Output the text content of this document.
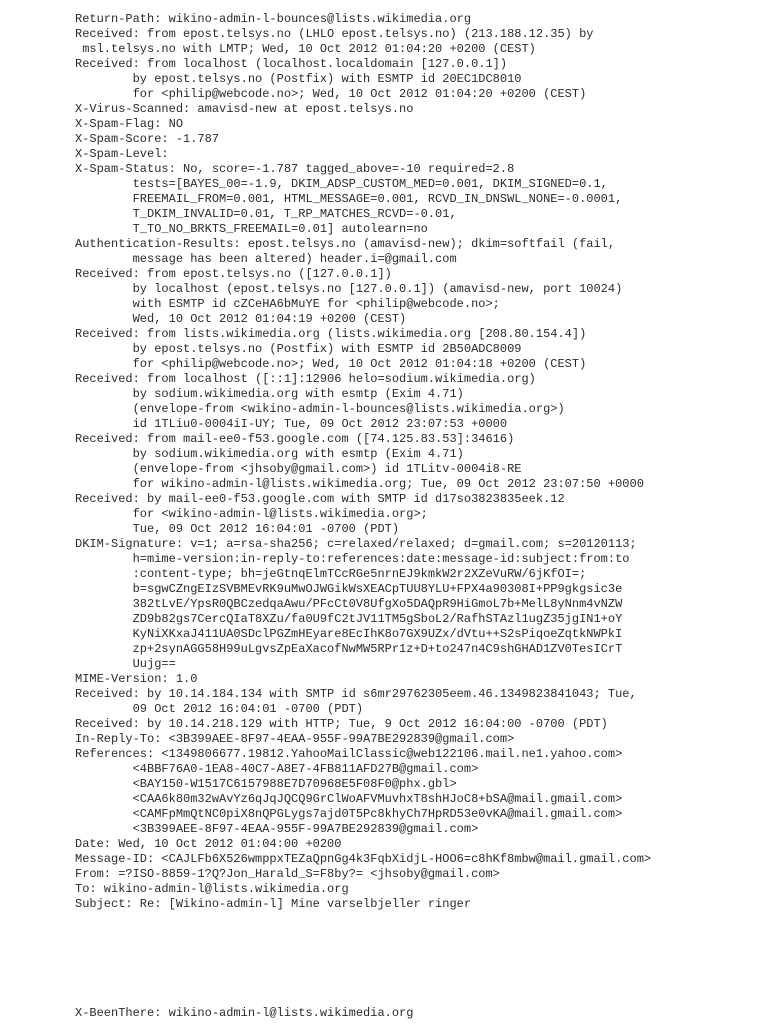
Return-Path: wikino-admin-l-bounces@lists.wikimedia.org
Received: from epost.telsys.no (LHLO epost.telsys.no) (213.188.12.35) by
msl.telsys.no with LMTP; Wed, 10 Oct 2012 01:04:20 +0200 (CEST)
Received: from localhost (localhost.localdomain [127.0.0.1])
by epost.telsys.no (Postfix) with ESMTP id 20EC1DC8010
for <philip@webcode.no>; Wed, 10 Oct 2012 01:04:20 +0200 (CEST)
X-Virus-Scanned: amavisd-new at epost.telsys.no
X-Spam-Flag: NO
X-Spam-Score: -1.787
X-Spam-Level:
X-Spam-Status: No, score=-1.787 tagged_above=-10 required=2.8
tests=[BAYES_00=-1.9, DKIM_ADSP_CUSTOM_MED=0.001, DKIM_SIGNED=0.1,
FREEMAIL_FROM=0.001, HTML_MESSAGE=0.001, RCVD_IN_DNSWL_NONE=-0.0001,
T_DKIM_INVALID=0.01, T_RP_MATCHES_RCVD=-0.01,
T_TO_NO_BRKTS_FREEMAIL=0.01] autolearn=no
Authentication-Results: epost.telsys.no (amavisd-new); dkim=softfail (fail,
message has been altered) header.i=@gmail.com
Received: from epost.telsys.no ([127.0.0.1])
by localhost (epost.telsys.no [127.0.0.1]) (amavisd-new, port 10024)
with ESMTP id cZCeHA6bMuYE for <philip@webcode.no>;
Wed, 10 Oct 2012 01:04:19 +0200 (CEST)
Received: from lists.wikimedia.org (lists.wikimedia.org [208.80.154.4])
by epost.telsys.no (Postfix) with ESMTP id 2B50ADC8009
for <philip@webcode.no>; Wed, 10 Oct 2012 01:04:18 +0200 (CEST)
Received: from localhost ([::1]:12906 helo=sodium.wikimedia.org)
by sodium.wikimedia.org with esmtp (Exim 4.71)
(envelope-from <wikino-admin-l-bounces@lists.wikimedia.org>)
id 1TLiu0-0004iI-UY; Tue, 09 Oct 2012 23:07:53 +0000
Received: from mail-ee0-f53.google.com ([74.125.83.53]:34616)
by sodium.wikimedia.org with esmtp (Exim 4.71)
(envelope-from <jhsoby@gmail.com>) id 1TLitv-0004i8-RE
for wikino-admin-l@lists.wikimedia.org; Tue, 09 Oct 2012 23:07:50 +0000
Received: by mail-ee0-f53.google.com with SMTP id d17so3823835eek.12
for <wikino-admin-l@lists.wikimedia.org>;
Tue, 09 Oct 2012 16:04:01 -0700 (PDT)
DKIM-Signature: v=1; a=rsa-sha256; c=relaxed/relaxed; d=gmail.com; s=20120113;
h=mime-version:in-reply-to:references:date:message-id:subject:from:to
:content-type; bh=jeGtnqElmTCcRGe5nrnEJ9kmkW2r2XZeVuRW/6jKfOI=;
b=sgwCZngEIzSVBMEvRK9uMwOJWGikWsXEACpTUU8YLU+FPX4a90308I+PP9gkgsic3e
382tLvE/YpsR0QBCzedqaAwu/PFcCt0V8UfgXo5DAQpR9HiGmoL7b+MelL8yNnm4vNZW
ZD9b82gs7CercQIaT8XZu/fa0U9fC2tJV11TM5gSboL2/RafhSTAzl1ugZ35jgIN1+oY
KyNiXKxaJ411UA0SDclPGZmHEyare8EcIhK8o7GX9UZx/dVtu++S2sPiqoeZqtkNWPkI
zp+2synAGG58H99uLgvsZpEaXacofNwMW5RPr1z+D+to247n4C9shGHAD1ZV0TesICrT
Uujg==
MIME-Version: 1.0
Received: by 10.14.184.134 with SMTP id s6mr29762305eem.46.1349823841043; Tue,
09 Oct 2012 16:04:01 -0700 (PDT)
Received: by 10.14.218.129 with HTTP; Tue, 9 Oct 2012 16:04:00 -0700 (PDT)
In-Reply-To: <3B399AEE-8F97-4EAA-955F-99A7BE292839@gmail.com>
References: <1349806677.19812.YahooMailClassic@web122106.mail.ne1.yahoo.com>
<4BBF76A0-1EA8-40C7-A8E7-4FB811AFD27B@gmail.com>
<BAY150-W1517C6157988E7D70968E5F08F0@phx.gbl>
<CAA6k80m32wAvYz6qJqJQCQ9GrClWoAFVMuvhxT8shHJoC8+bSA@mail.gmail.com>
<CAMFpMmQtNC0piX8nQPGLygs7ajd0T5Pc8khyCh7HpRD53e0vKA@mail.gmail.com>
<3B399AEE-8F97-4EAA-955F-99A7BE292839@gmail.com>
Date: Wed, 10 Oct 2012 01:04:00 +0200
Message-ID: <CAJLFb6X526wmppxTEZaQpnGg4k3FqbXidjL-HOO6=c8hKf8mbw@mail.gmail.com>
From: =?ISO-8859-1?Q?Jon_Harald_S=F8by?= <jhsoby@gmail.com>
To: wikino-admin-l@lists.wikimedia.org
Subject: Re: [Wikino-admin-l] Mine varselbjeller ringer
X-BeenThere: wikino-admin-l@lists.wikimedia.org
